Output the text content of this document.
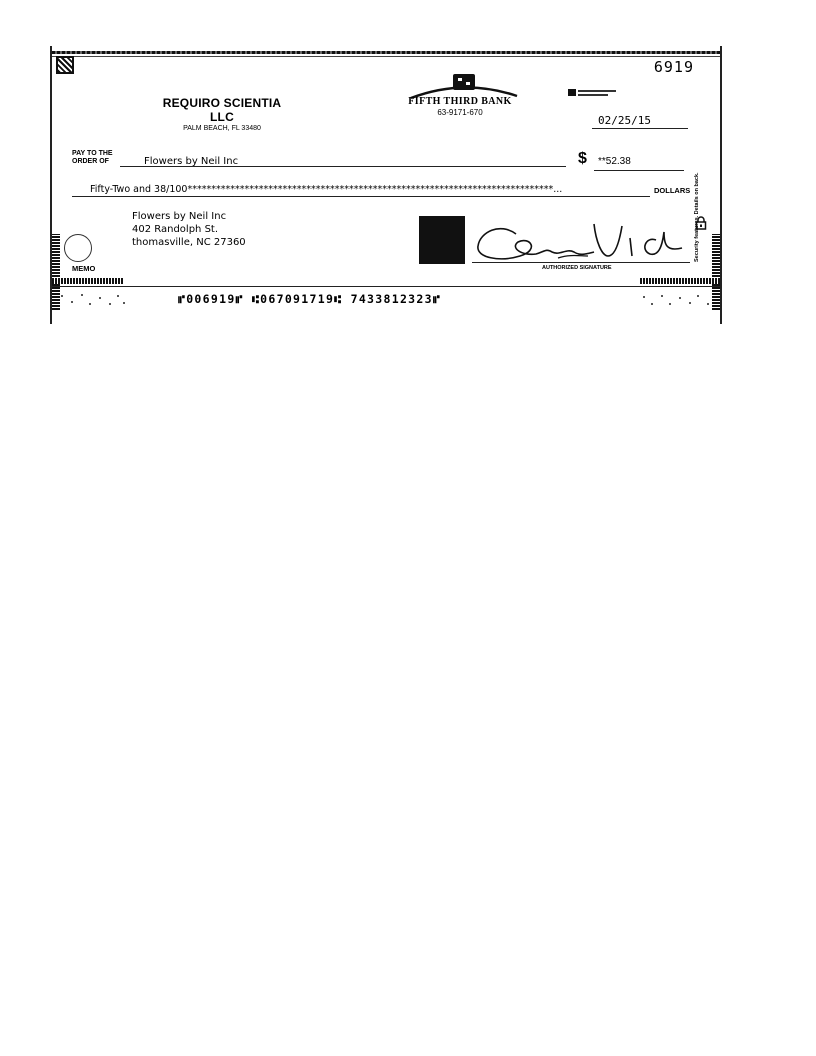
6919
REQUIRO SCIENTIA LLC
PALM BEACH, FL 33480
FIFTH THIRD BANK
63-9171-670
02/25/15
PAY TO THE
ORDER OF	Flowers by Neil Inc	$ **52.38
Fifty-Two and 38/100*****************************************************************************...	DOLLARS Security features. Details on back.
Flowers by Neil Inc
402 Randolph St.
thomasville, NC 27360
MEMO	AUTHORIZED SIGNATURE
⑈006919⑈ ⑆067091719⑆ 7433812323⑈
